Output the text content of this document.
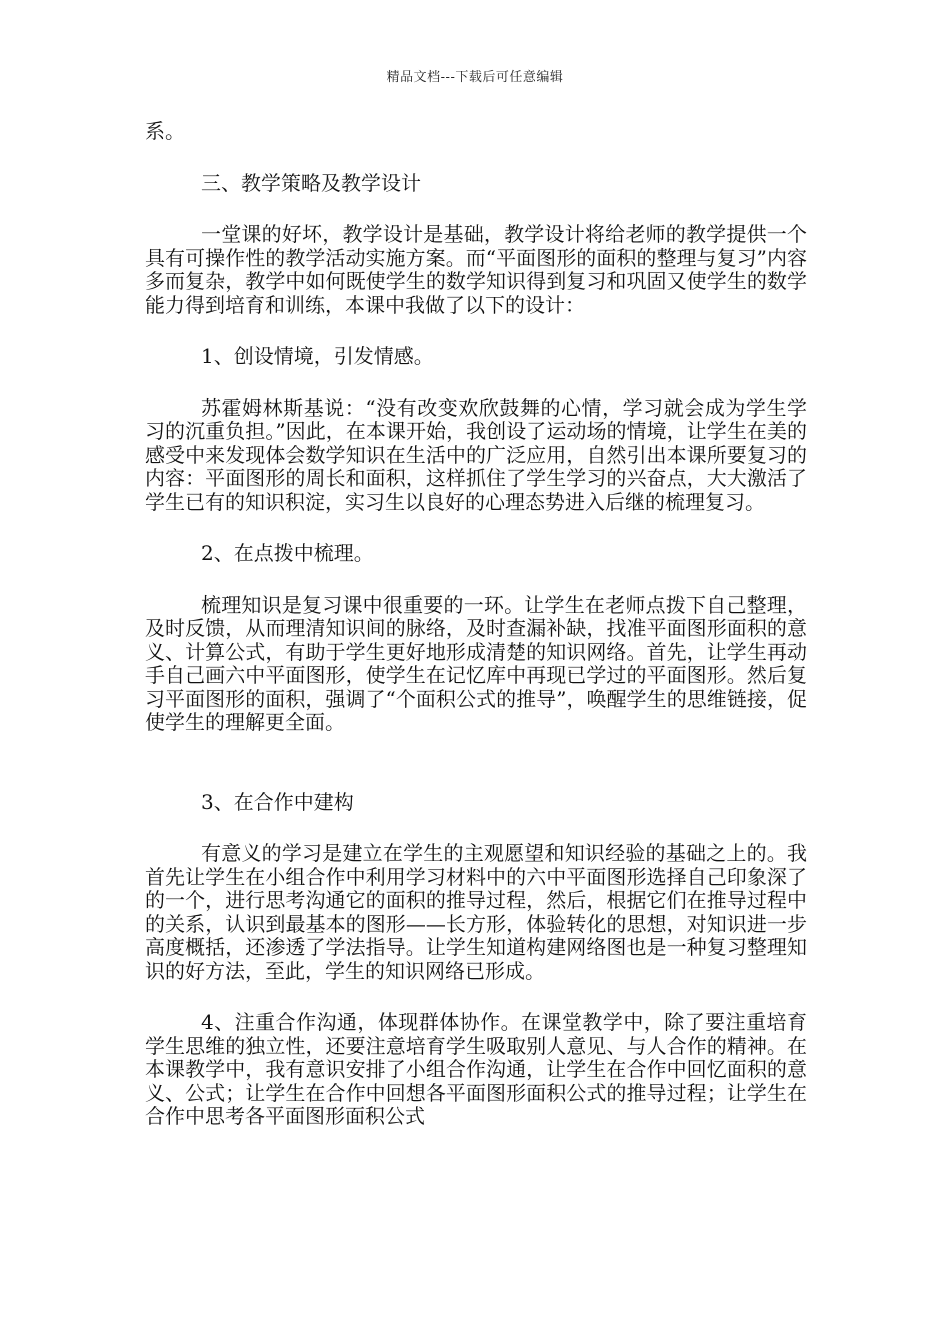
精品文档---下载后可任意编辑

系。

三、教学策略及教学设计

一堂课的好坏，教学设计是基础，教学设计将给老师的教学提供一个具有可操作性的教学活动实施方案。而“平面图形的面积的整理与复习”内容多而复杂，教学中如何既使学生的数学知识得到复习和巩固又使学生的数学能力得到培育和训练，本课中我做了以下的设计：

1、创设情境，引发情感。

苏霍姆林斯基说：“没有改变欢欣鼓舞的心情，学习就会成为学生学习的沉重负担。”因此，在本课开始，我创设了运动场的情境，让学生在美的感受中来发现体会数学知识在生活中的广泛应用，自然引出本课所要复习的内容：平面图形的周长和面积，这样抓住了学生学习的兴奋点，大大激活了学生已有的知识积淀，实习生以良好的心理态势进入后继的梳理复习。

2、在点拨中梳理。

梳理知识是复习课中很重要的一环。让学生在老师点拨下自己整理，及时反馈，从而理清知识间的脉络，及时查漏补缺，找准平面图形面积的意义、计算公式，有助于学生更好地形成清楚的知识网络。首先，让学生再动手自己画六中平面图形，使学生在记忆库中再现已学过的平面图形。然后复习平面图形的面积，强调了“个面积公式的推导”，唤醒学生的思维链接，促使学生的理解更全面。

3、在合作中建构

有意义的学习是建立在学生的主观愿望和知识经验的基础之上的。我首先让学生在小组合作中利用学习材料中的六中平面图形选择自己印象深了的一个，进行思考沟通它的面积的推导过程，然后，根据它们在推导过程中的关系，认识到最基本的图形——长方形，体验转化的思想，对知识进一步高度概括，还渗透了学法指导。让学生知道构建网络图也是一种复习整理知识的好方法，至此，学生的知识网络已形成。

4、注重合作沟通，体现群体协作。在课堂教学中，除了要注重培育学生思维的独立性，还要注意培育学生吸取别人意见、与人合作的精神。在本课教学中，我有意识安排了小组合作沟通，让学生在合作中回忆面积的意义、公式；让学生在合作中回想各平面图形面积公式的推导过程；让学生在合作中思考各平面图形面积公式
